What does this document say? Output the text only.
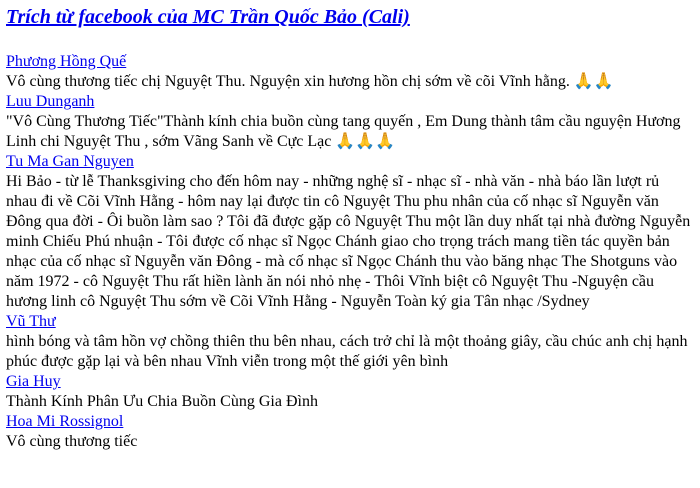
Trích từ facebook của MC Trần Quốc Bảo (Cali)
Phương Hồng Quế

Vô cùng thương tiếc chị Nguyệt Thu. Nguyện xin hương hồn chị sớm về cõi Vĩnh hằng. 🙏🙏

Luu Dunganh

"Vô Cùng Thương Tiếc"Thành kính chia buồn cùng tang quyến , Em Dung thành tâm cầu nguyện Hương Linh chi Nguyệt Thu , sớm Vãng Sanh về Cực Lạc 🙏🙏🙏

Tu Ma Gan Nguyen

Hi Bảo - từ lễ Thanksgiving cho đến hôm nay - những nghệ sĩ - nhạc sĩ - nhà văn - nhà báo lần lượt rủ nhau đi về Cõi Vĩnh Hằng - hôm nay lại được tin cô Nguyệt Thu phu nhân của cố nhạc sĩ Nguyễn văn Đông qua đời - Ôi buồn làm sao ? Tôi đã được gặp cô Nguyệt Thu một lần duy nhất tại nhà đường Nguyễn minh Chiếu Phú nhuận - Tôi được cố nhạc sĩ Ngọc Chánh giao cho trọng trách mang tiền tác quyền bản nhạc của cố nhạc sĩ Nguyễn văn Đông - mà cố nhạc sĩ Ngọc Chánh thu vào băng nhạc The Shotguns vào năm 1972 - cô Nguyệt Thu rất hiền lành ăn nói nhỏ nhẹ - Thôi Vĩnh biệt cô Nguyệt Thu -Nguyện cầu hương linh cô Nguyệt Thu sớm về Cõi Vĩnh Hằng - Nguyễn Toàn ký gia Tân nhạc /Sydney

Vũ Thư

hình bóng và tâm hồn vợ chồng thiên thu bên nhau, cách trở chỉ là một thoảng giây, cầu chúc anh chị hạnh phúc được gặp lại và bên nhau Vĩnh viễn trong một thế giới yên bình

Gia Huy

Thành Kính Phân Ưu Chia Buồn Cùng Gia Đình

Hoa Mi Rossignol

Vô cùng thương tiếc
